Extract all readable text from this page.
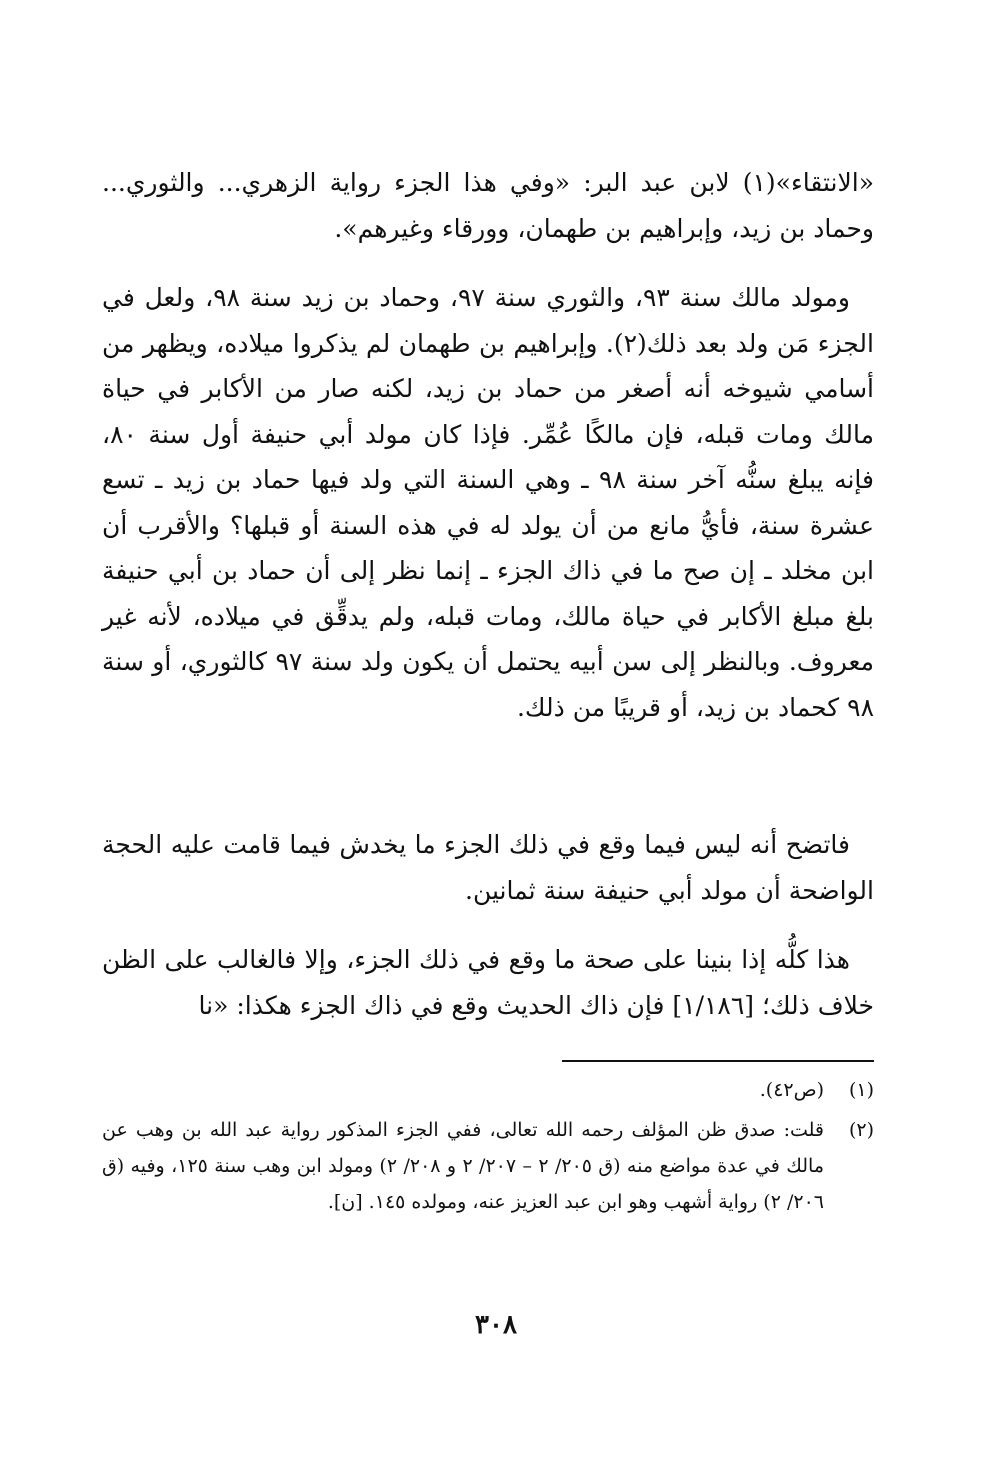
«الانتقاء»(١) لابن عبد البر: «وفي هذا الجزء رواية الزهري... والثوري... وحماد بن زيد، وإبراهيم بن طهمان، وورقاء وغيرهم».

ومولد مالك سنة ٩٣، والثوري سنة ٩٧، وحماد بن زيد سنة ٩٨، ولعل في الجزء مَن ولد بعد ذلك(٢). وإبراهيم بن طهمان لم يذكروا ميلاده، ويظهر من أسامي شيوخه أنه أصغر من حماد بن زيد، لكنه صار من الأكابر في حياة مالك ومات قبله، فإن مالكًا عُمِّر. فإذا كان مولد أبي حنيفة أول سنة ٨٠، فإنه يبلغ سنُّه آخر سنة ٩٨ ـ وهي السنة التي ولد فيها حماد بن زيد ـ تسع عشرة سنة، فأيُّ مانع من أن يولد له في هذه السنة أو قبلها؟ والأقرب أن ابن مخلد ـ إن صح ما في ذاك الجزء ـ إنما نظر إلى أن حماد بن أبي حنيفة بلغ مبلغ الأكابر في حياة مالك، ومات قبله، ولم يدقِّق في ميلاده، لأنه غير معروف. وبالنظر إلى سن أبيه يحتمل أن يكون ولد سنة ٩٧ كالثوري، أو سنة ٩٨ كحماد بن زيد، أو قريبًا من ذلك.

فاتضح أنه ليس فيما وقع في ذلك الجزء ما يخدش فيما قامت عليه الحجة الواضحة أن مولد أبي حنيفة سنة ثمانين.

هذا كلُّه إذا بنينا على صحة ما وقع في ذلك الجزء، وإلا فالغالب على الظن خلاف ذلك؛ [١/١٨٦] فإن ذاك الحديث وقع في ذاك الجزء هكذا: «نا

(١)
(ص٤٢).
(٢)
قلت: صدق ظن المؤلف رحمه الله تعالى، ففي الجزء المذكور رواية عبد الله بن وهب عن مالك في عدة مواضع منه (ق ٢٠٥/ ٢ – ٢٠٧/ ٢ و ٢٠٨/ ٢) ومولد ابن وهب سنة ١٢٥، وفيه (ق ٢٠٦/ ٢) رواية أشهب وهو ابن عبد العزيز عنه، ومولده ١٤٥. [ن].
٣٠٨
